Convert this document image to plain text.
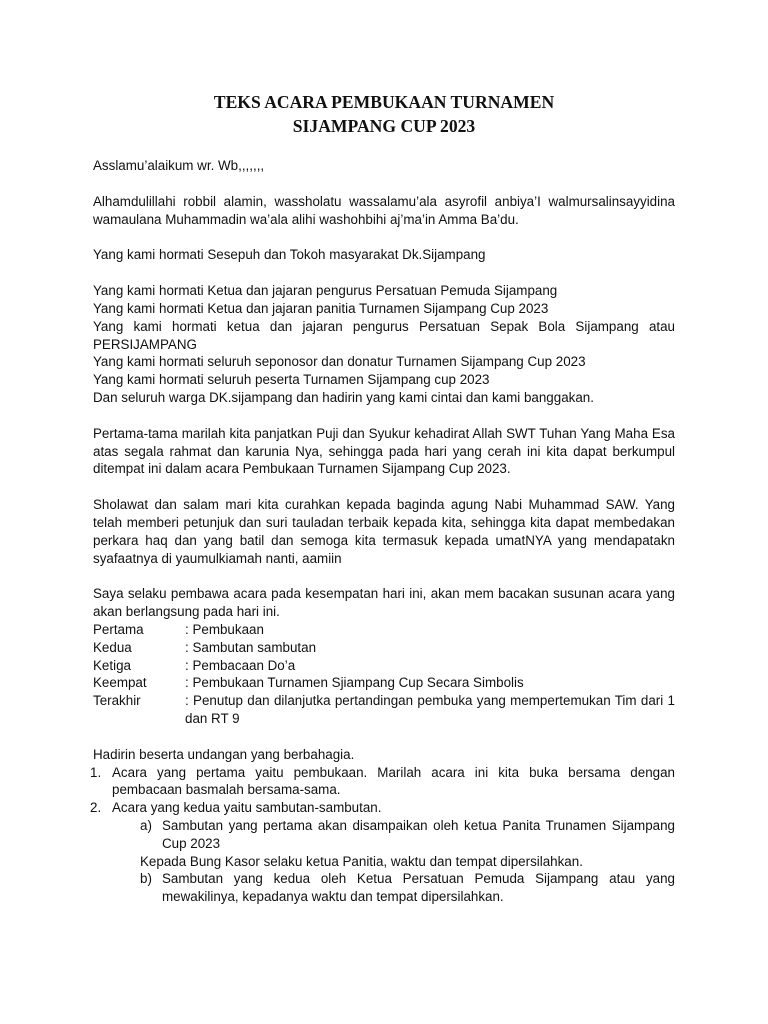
TEKS ACARA PEMBUKAAN TURNAMEN
SIJAMPANG CUP 2023

Asslamu’alaikum wr. Wb,,,,,,,

Alhamdulillahi robbil alamin, wassholatu wassalamu’ala asyrofil anbiya’I walmursalinsayyidina wamaulana Muhammadin wa’ala alihi washohbihi aj’ma’in Amma Ba’du.

Yang kami hormati Sesepuh dan Tokoh masyarakat Dk.Sijampang

Yang kami hormati Ketua dan jajaran pengurus Persatuan Pemuda Sijampang

Yang kami hormati Ketua dan jajaran panitia Turnamen Sijampang Cup 2023

Yang kami hormati ketua dan jajaran pengurus Persatuan Sepak Bola Sijampang atau PERSIJAMPANG

Yang kami hormati seluruh seponosor dan donatur Turnamen Sijampang Cup 2023

Yang kami hormati seluruh peserta Turnamen Sijampang cup 2023

Dan seluruh warga DK.sijampang dan hadirin yang kami cintai dan kami banggakan.

Pertama-tama marilah kita panjatkan Puji dan Syukur kehadirat Allah SWT Tuhan Yang Maha Esa atas segala rahmat dan karunia Nya, sehingga pada hari yang cerah ini kita dapat berkumpul ditempat ini dalam acara Pembukaan Turnamen Sijampang Cup 2023.

Sholawat dan salam mari kita curahkan kepada baginda agung Nabi Muhammad SAW. Yang telah memberi petunjuk dan suri tauladan terbaik kepada kita, sehingga kita dapat membedakan perkara haq dan yang batil dan semoga kita termasuk kepada umatNYA yang mendapatakn syafaatnya di yaumulkiamah nanti, aamiin

Saya selaku pembawa acara pada kesempatan hari ini, akan mem bacakan susunan acara yang akan berlangsung pada hari ini.

Pertama	: Pembukaan
Kedua	: Sambutan sambutan
Ketiga	: Pembacaan Do’a
Keempat	: Pembukaan Turnamen Sjiampang Cup Secara Simbolis
Terakhir	: Penutup dan dilanjutka pertandingan pembuka yang mempertemukan Tim dari 1 dan RT 9

Hadirin beserta undangan yang berbahagia.

1. Acara yang pertama yaitu pembukaan. Marilah acara ini kita buka bersama dengan pembacaan basmalah bersama-sama.
2. Acara yang kedua yaitu sambutan-sambutan.
a) Sambutan yang pertama akan disampaikan oleh ketua Panita Trunamen Sijampang Cup 2023

Kepada Bung Kasor selaku ketua Panitia, waktu dan tempat dipersilahkan.

b) Sambutan yang kedua oleh Ketua Persatuan Pemuda Sijampang atau yang mewakilinya, kepadanya waktu dan tempat dipersilahkan.
